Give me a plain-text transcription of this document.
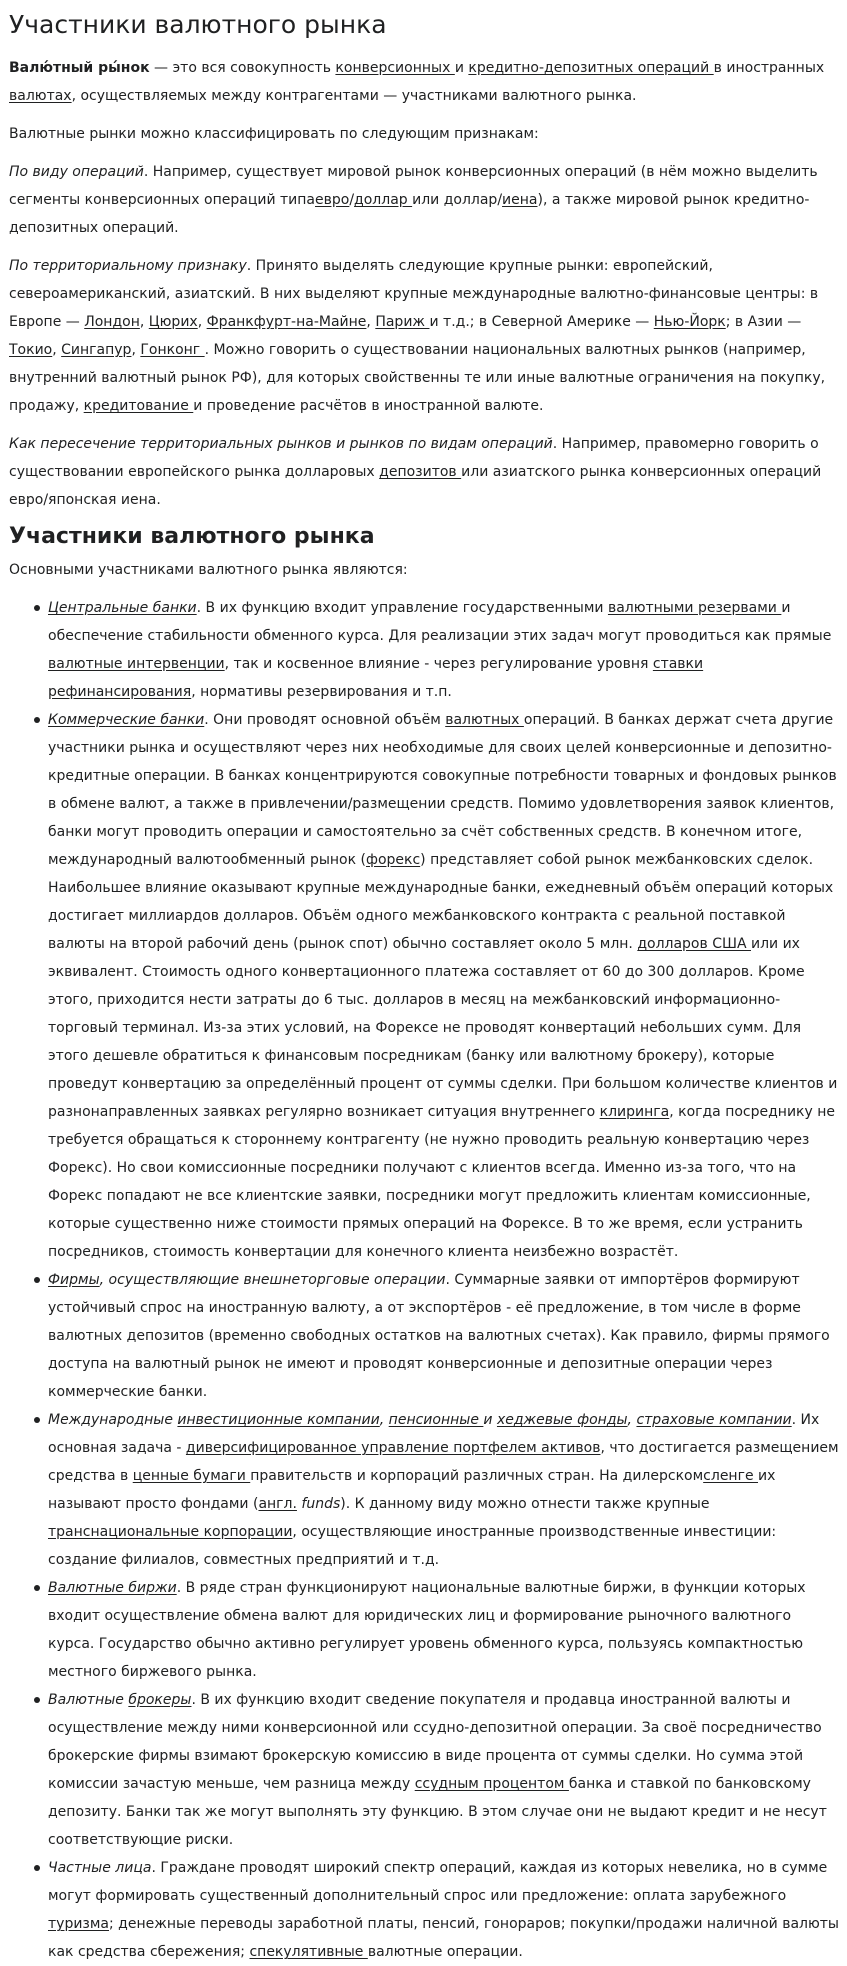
Участники валютного рынка

Валю́тный ры́нок — это вся совокупность конверсионных и кредитно-депозитных операций в иностранных валютах, осуществляемых между контрагентами — участниками валютного рынка.

Валютные рынки можно классифицировать по следующим признакам:

По виду операций. Например, существует мировой рынок конверсионных операций (в нём можно выделить сегменты конверсионных операций типаевро/доллар или доллар/иена), а также мировой рынок кредитно-депозитных операций.

По территориальному признаку. Принято выделять следующие крупные рынки: европейский, североамериканский, азиатский. В них выделяют крупные международные валютно-финансовые центры: в Европе — Лондон, Цюрих, Франкфурт-на-Майне, Париж и т.д.; в Северной Америке — Нью-Йорк; в Азии — Токио, Сингапур, Гонконг . Можно говорить о существовании национальных валютных рынков (например, внутренний валютный рынок РФ), для которых свойственны те или иные валютные ограничения на покупку, продажу, кредитование и проведение расчётов в иностранной валюте.

Как пересечение территориальных рынков и рынков по видам операций. Например, правомерно говорить о существовании европейского рынка долларовых депозитов или азиатского рынка конверсионных операций евро/японская иена.

Участники валютного рынка

Основными участниками валютного рынка являются:

Центральные банки. В их функцию входит управление государственными валютными резервами и обеспечение стабильности обменного курса. Для реализации этих задач могут проводиться как прямые валютные интервенции, так и косвенное влияние - через регулирование уровня ставки рефинансирования, нормативы резервирования и т.п.
Коммерческие банки. Они проводят основной объём валютных операций. В банках держат счета другие участники рынка и осуществляют через них необходимые для своих целей конверсионные и депозитно-кредитные операции. В банках концентрируются совокупные потребности товарных и фондовых рынков в обмене валют, а также в привлечении/размещении средств. Помимо удовлетворения заявок клиентов, банки могут проводить операции и самостоятельно за счёт собственных средств. В конечном итоге, международный валютообменный рынок (форекс) представляет собой рынок межбанковских сделок. Наибольшее влияние оказывают крупные международные банки, ежедневный объём операций которых достигает миллиардов долларов. Объём одного межбанковского контракта с реальной поставкой валюты на второй рабочий день (рынок спот) обычно составляет около 5 млн. долларов США или их эквивалент. Стоимость одного конвертационного платежа составляет от 60 до 300 долларов. Кроме этого, приходится нести затраты до 6 тыс. долларов в месяц на межбанковский информационно-торговый терминал. Из-за этих условий, на Форексе не проводят конвертаций небольших сумм. Для этого дешевле обратиться к финансовым посредникам (банку или валютному брокеру), которые проведут конвертацию за определённый процент от суммы сделки. При большом количестве клиентов и разнонаправленных заявках регулярно возникает ситуация внутреннего клиринга, когда посреднику не требуется обращаться к стороннему контрагенту (не нужно проводить реальную конвертацию через Форекс). Но свои комиссионные посредники получают с клиентов всегда. Именно из-за того, что на Форекс попадают не все клиентские заявки, посредники могут предложить клиентам комиссионные, которые существенно ниже стоимости прямых операций на Форексе. В то же время, если устранить посредников, стоимость конвертации для конечного клиента неизбежно возрастёт.
Фирмы, осуществляющие внешнеторговые операции. Суммарные заявки от импортёров формируют устойчивый спрос на иностранную валюту, а от экспортёров - её предложение, в том числе в форме валютных депозитов (временно свободных остатков на валютных счетах). Как правило, фирмы прямого доступа на валютный рынок не имеют и проводят конверсионные и депозитные операции через коммерческие банки.
Международные инвестиционные компании, пенсионные и хеджевые фонды, страховые компании. Их основная задача - диверсифицированное управление портфелем активов, что достигается размещением средства в ценные бумаги правительств и корпораций различных стран. На дилерскомсленге их называют просто фондами (англ. funds). К данному виду можно отнести также крупные транснациональные корпорации, осуществляющие иностранные производственные инвестиции: создание филиалов, совместных предприятий и т.д.
Валютные биржи. В ряде стран функционируют национальные валютные биржи, в функции которых входит осуществление обмена валют для юридических лиц и формирование рыночного валютного курса. Государство обычно активно регулирует уровень обменного курса, пользуясь компактностью местного биржевого рынка.
Валютные брокеры. В их функцию входит сведение покупателя и продавца иностранной валюты и осуществление между ними конверсионной или ссудно-депозитной операции. За своё посредничество брокерские фирмы взимают брокерскую комиссию в виде процента от суммы сделки. Но сумма этой комиссии зачастую меньше, чем разница между ссудным процентом банка и ставкой по банковскому депозиту. Банки так же могут выполнять эту функцию. В этом случае они не выдают кредит и не несут соответствующие риски.
Частные лица. Граждане проводят широкий спектр операций, каждая из которых невелика, но в сумме могут формировать существенный дополнительный спрос или предложение: оплата зарубежного туризма; денежные переводы заработной платы, пенсий, гонораров; покупки/продажи наличной валюты как средства сбережения; спекулятивные валютные операции.
